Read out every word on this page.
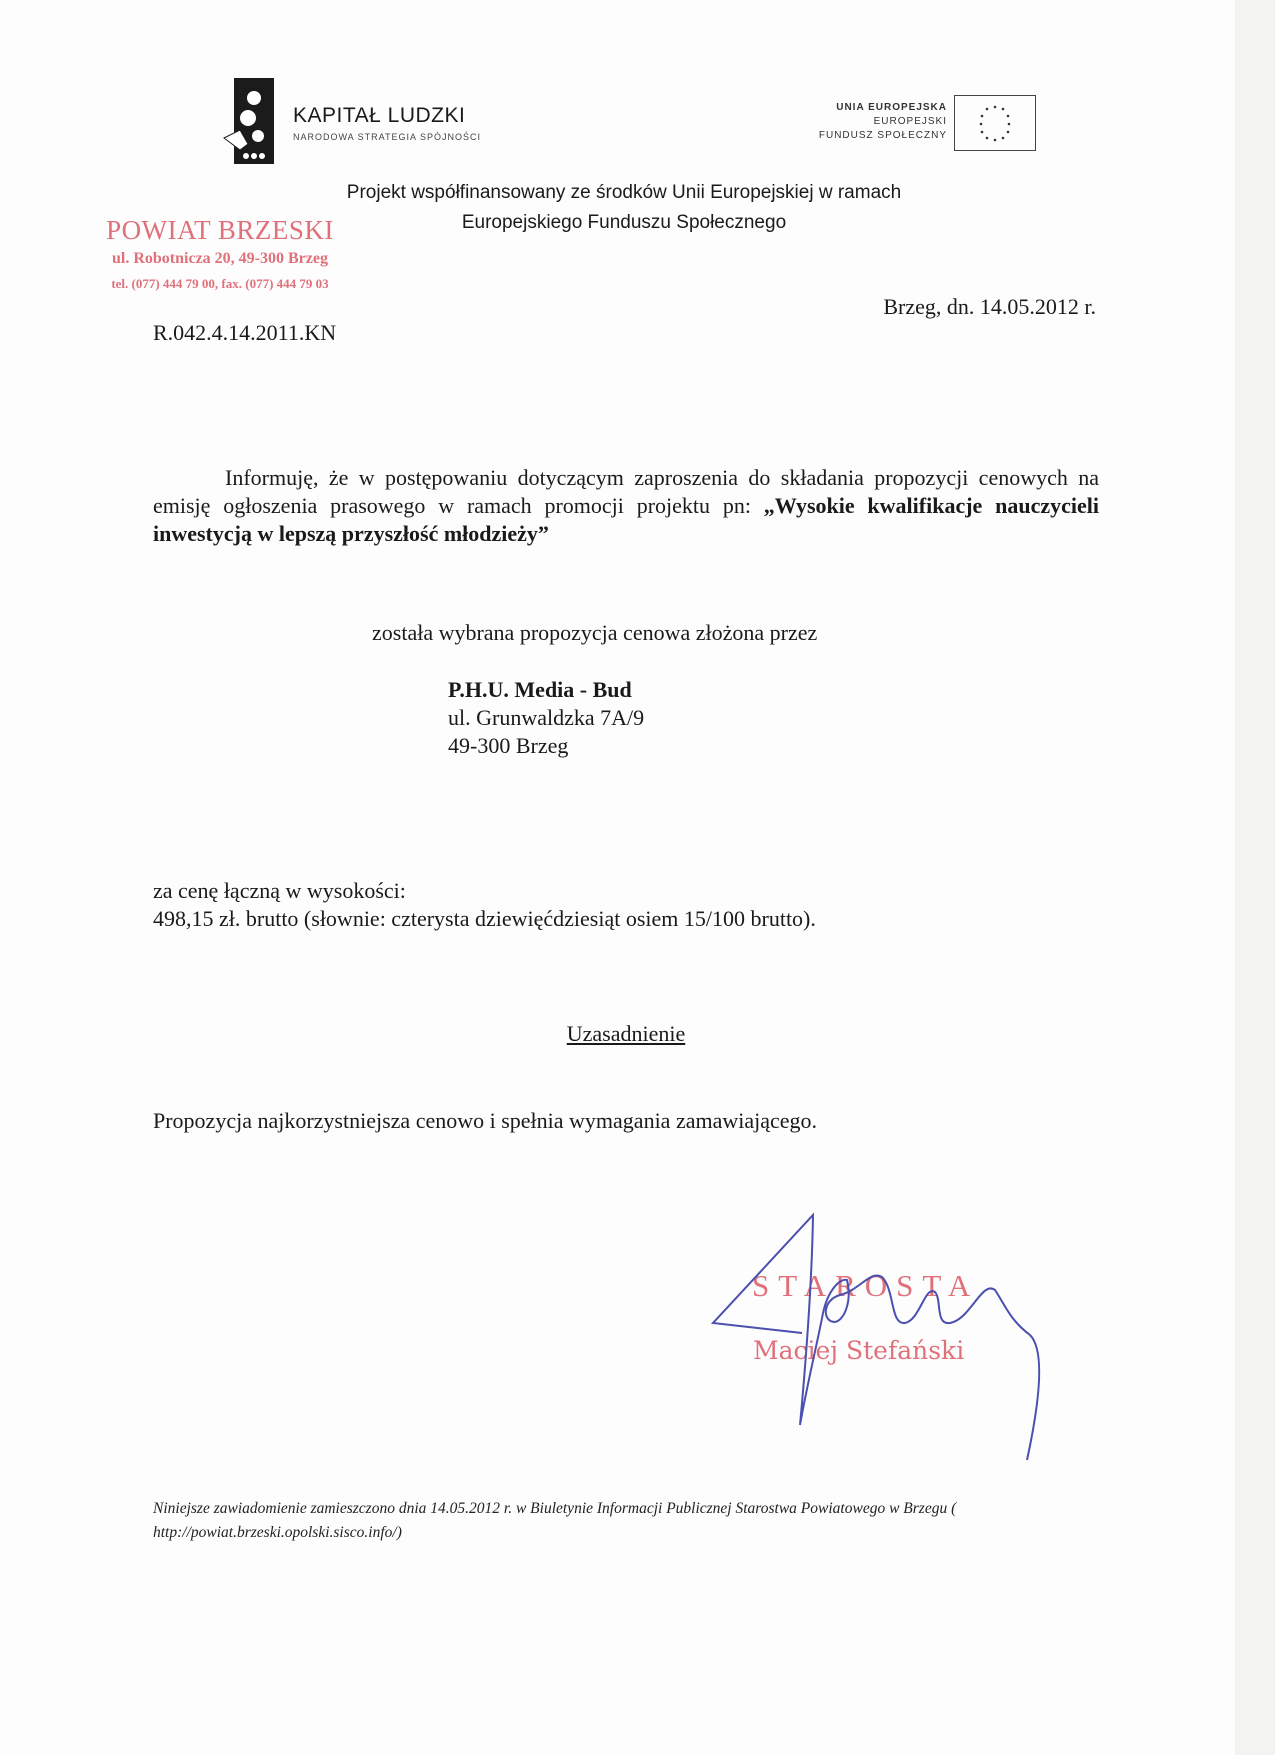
KAPITAŁ LUDZKI
NARODOWA STRATEGIA SPÓJNOŚCI
UNIA EUROPEJSKA
EUROPEJSKI
FUNDUSZ SPOŁECZNY
Projekt współfinansowany ze środków Unii Europejskiej w ramach
Europejskiego Funduszu Społecznego
POWIAT BRZESKI
ul. Robotnicza 20, 49-300 Brzeg
tel. (077) 444 79 00, fax. (077) 444 79 03
Brzeg, dn. 14.05.2012 r.
R.042.4.14.2011.KN
Informuję, że w postępowaniu dotyczącym zaproszenia do składania propozycji cenowych na emisję ogłoszenia prasowego w ramach promocji projektu pn: „Wysokie kwalifikacje nauczycieli inwestycją w lepszą przyszłość młodzieży”
została wybrana propozycja cenowa złożona przez
P.H.U. Media - Bud
ul. Grunwaldzka 7A/9
49-300 Brzeg
za cenę łączną w wysokości:
498,15 zł. brutto (słownie: czterysta dziewięćdziesiąt osiem 15/100 brutto).
Uzasadnienie
Propozycja najkorzystniejsza cenowo i spełnia wymagania zamawiającego.
STAROSTA
Maciej Stefański
Niniejsze zawiadomienie zamieszczono dnia 14.05.2012 r. w Biuletynie Informacji Publicznej Starostwa Powiatowego w Brzegu ( http://powiat.brzeski.opolski.sisco.info/)
